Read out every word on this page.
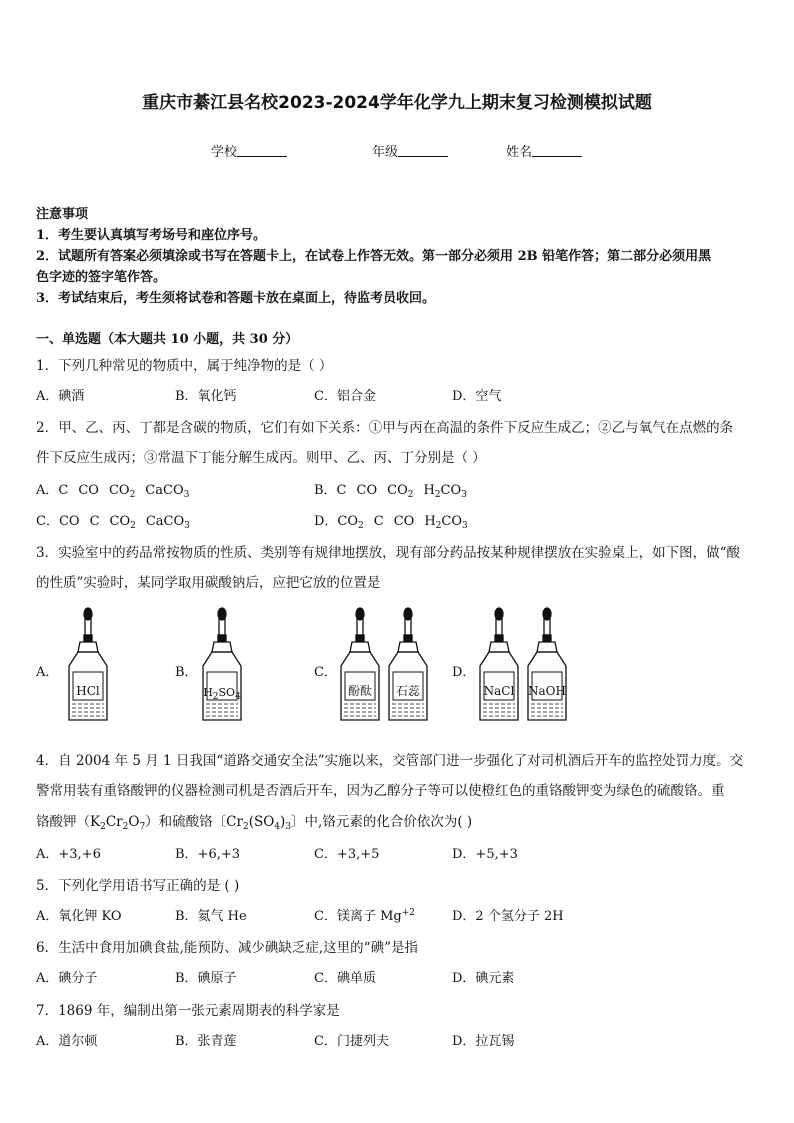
重庆市綦江县名校2023-2024学年化学九上期末复习检测模拟试题
学校	年级	姓名
注意事项
1．考生要认真填写考场号和座位序号。
2．试题所有答案必须填涂或书写在答题卡上，在试卷上作答无效。第一部分必须用 2B 铅笔作答；第二部分必须用黑
色字迹的签字笔作答。
3．考试结束后，考生须将试卷和答题卡放在桌面上，待监考员收回。
一、单选题（本大题共 10 小题，共 30 分）
1．下列几种常见的物质中，属于纯净物的是（ ）
A．碘酒	B．氧化钙	C．铝合金	D．空气
2．甲、乙、丙、丁都是含碳的物质，它们有如下关系：①甲与丙在高温的条件下反应生成乙；②乙与氧气在点燃的条
件下反应生成丙；③常温下丁能分解生成丙。则甲、乙、丙、丁分别是（ ）
A．C CO $CO_2$ CaCO$_3$	B．C CO $CO_2$ $H_2CO_3$
C．CO C $CO_2$ CaCO$_3$	D．$CO_2$ C CO $H_2CO_3$
3．实验室中的药品常按物质的性质、类别等有规律地摆放，现有部分药品按某种规律摆放在实验桌上，如下图，做“酸
的性质”实验时，某同学取用碳酸钠后，应把它放的位置是
A．	B．	C．	D．
HCl	$H_2SO_4$	酚酞	石蕊	NaCl	NaOH
4．自 2004 年 5 月 1 日我国“道路交通安全法”实施以来，交管部门进一步强化了对司机酒后开车的监控处罚力度。交
警常用装有重铬酸钾的仪器检测司机是否酒后开车，因为乙醇分子等可以使橙红色的重铬酸钾变为绿色的硫酸铬。重
铬酸钾$(K_2Cr_2O_7)$和硫酸铬〔$Cr_2(SO_4)_3$〕中,铬元素的化合价依次为( )
A．+3,+6	B．+6,+3	C．+3,+5	D．+5,+3
5．下列化学用语书写正确的是 ( )
A．氧化钾 KO	B．氦气 He	C．镁离子 $Mg^{+2}$	D．2 个氢分子 2H
6．生活中食用加碘食盐,能预防、减少碘缺乏症,这里的“碘”是指
A．碘分子	B．碘原子	C．碘单质	D．碘元素
7．1869 年，编制出第一张元素周期表的科学家是
A．道尔顿	B．张青莲	C．门捷列夫	D．拉瓦锡
